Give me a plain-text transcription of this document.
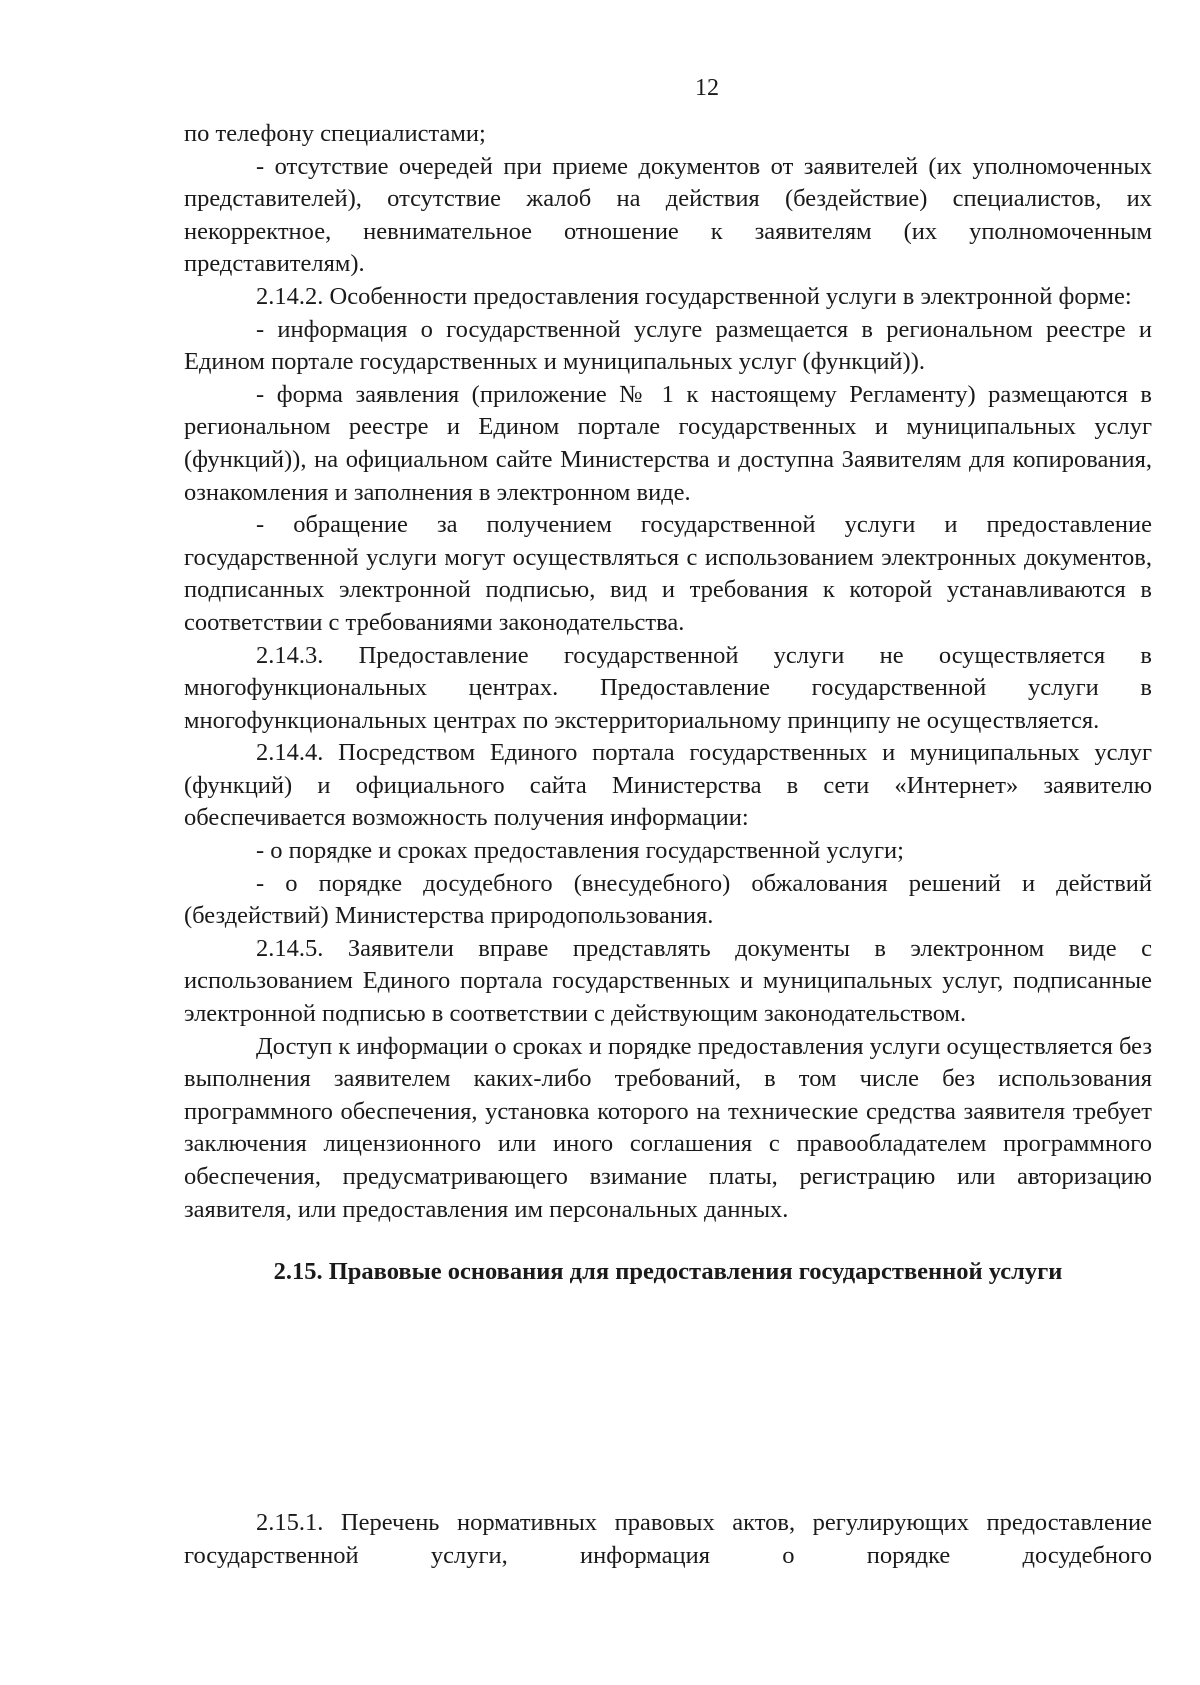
12

по телефону специалистами;

- отсутствие очередей при приеме документов от заявителей (их уполномоченных представителей), отсутствие жалоб на действия (бездействие) специалистов, их некорректное, невнимательное отношение к заявителям (их уполномоченным представителям).

2.14.2. Особенности предоставления государственной услуги в электронной форме:

- информация о государственной услуге размещается в региональном реестре и Едином портале государственных и муниципальных услуг (функций)).

- форма заявления (приложение № 1 к настоящему Регламенту) размещаются в региональном реестре и Едином портале государственных и муниципальных услуг (функций)), на официальном сайте Министерства и доступна Заявителям для копирования, ознакомления и заполнения в электронном виде.

- обращение за получением государственной услуги и предоставление государственной услуги могут осуществляться с использованием электронных документов, подписанных электронной подписью, вид и требования к которой устанавливаются в соответствии с требованиями законодательства.

2.14.3. Предоставление государственной услуги не осуществляется в многофункциональных центрах. Предоставление государственной услуги в многофункциональных центрах по экстерриториальному принципу не осуществляется.

2.14.4. Посредством Единого портала государственных и муниципальных услуг (функций) и официального сайта Министерства в сети «Интернет» заявителю обеспечивается возможность получения информации:

- о порядке и сроках предоставления государственной услуги;

- о порядке досудебного (внесудебного) обжалования решений и действий (бездействий) Министерства природопользования.

2.14.5. Заявители вправе представлять документы в электронном виде с использованием Единого портала государственных и муниципальных услуг, подписанные электронной подписью в соответствии с действующим законодательством.

Доступ к информации о сроках и порядке предоставления услуги осуществляется без выполнения заявителем каких-либо требований, в том числе без использования программного обеспечения, установка которого на технические средства заявителя требует заключения лицензионного или иного соглашения с правообладателем программного обеспечения, предусматривающего взимание платы, регистрацию или авторизацию заявителя, или предоставления им персональных данных.

2.15. Правовые основания для предоставления государственной услуги

2.15.1. Перечень нормативных правовых актов, регулирующих предоставление государственной услуги, информация о порядке досудебного
